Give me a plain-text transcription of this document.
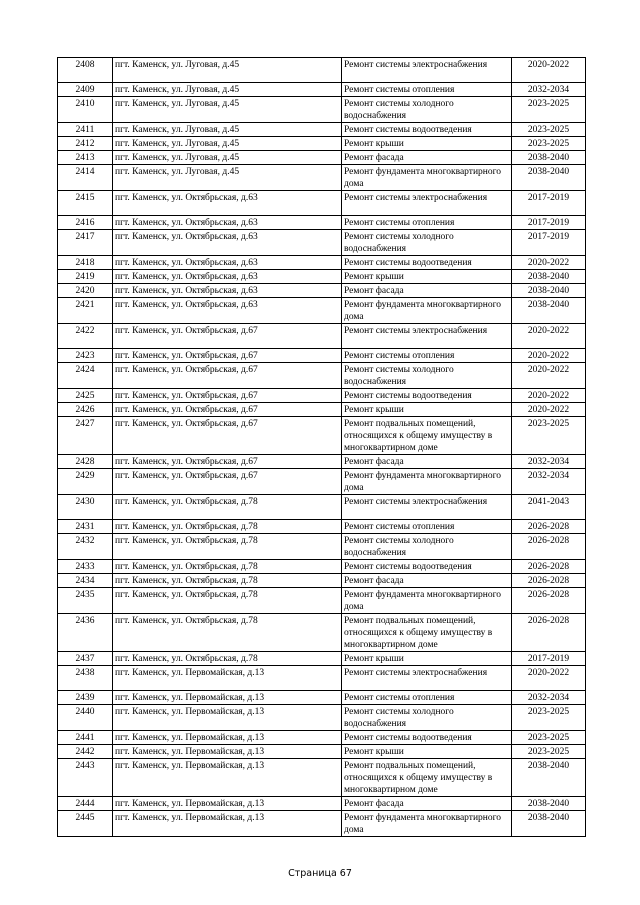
2408	пгт. Каменск, ул. Луговая, д.45	Ремонт системы электроснабжения	2020-2022
2409	пгт. Каменск, ул. Луговая, д.45	Ремонт системы отопления	2032-2034
2410	пгт. Каменск, ул. Луговая, д.45	Ремонт системы холодного водоснабжения	2023-2025
2411	пгт. Каменск, ул. Луговая, д.45	Ремонт системы водоотведения	2023-2025
2412	пгт. Каменск, ул. Луговая, д.45	Ремонт крыши	2023-2025
2413	пгт. Каменск, ул. Луговая, д.45	Ремонт фасада	2038-2040
2414	пгт. Каменск, ул. Луговая, д.45	Ремонт фундамента многоквартирного дома	2038-2040
2415	пгт. Каменск, ул. Октябрьская, д.63	Ремонт системы электроснабжения	2017-2019
2416	пгт. Каменск, ул. Октябрьская, д.63	Ремонт системы отопления	2017-2019
2417	пгт. Каменск, ул. Октябрьская, д.63	Ремонт системы холодного водоснабжения	2017-2019
2418	пгт. Каменск, ул. Октябрьская, д.63	Ремонт системы водоотведения	2020-2022
2419	пгт. Каменск, ул. Октябрьская, д.63	Ремонт крыши	2038-2040
2420	пгт. Каменск, ул. Октябрьская, д.63	Ремонт фасада	2038-2040
2421	пгт. Каменск, ул. Октябрьская, д.63	Ремонт фундамента многоквартирного дома	2038-2040
2422	пгт. Каменск, ул. Октябрьская, д.67	Ремонт системы электроснабжения	2020-2022
2423	пгт. Каменск, ул. Октябрьская, д.67	Ремонт системы отопления	2020-2022
2424	пгт. Каменск, ул. Октябрьская, д.67	Ремонт системы холодного водоснабжения	2020-2022
2425	пгт. Каменск, ул. Октябрьская, д.67	Ремонт системы водоотведения	2020-2022
2426	пгт. Каменск, ул. Октябрьская, д.67	Ремонт крыши	2020-2022
2427	пгт. Каменск, ул. Октябрьская, д.67	Ремонт подвальных помещений, относящихся к общему имуществу в многоквартирном доме	2023-2025
2428	пгт. Каменск, ул. Октябрьская, д.67	Ремонт фасада	2032-2034
2429	пгт. Каменск, ул. Октябрьская, д.67	Ремонт фундамента многоквартирного дома	2032-2034
2430	пгт. Каменск, ул. Октябрьская, д.78	Ремонт системы электроснабжения	2041-2043
2431	пгт. Каменск, ул. Октябрьская, д.78	Ремонт системы отопления	2026-2028
2432	пгт. Каменск, ул. Октябрьская, д.78	Ремонт системы холодного водоснабжения	2026-2028
2433	пгт. Каменск, ул. Октябрьская, д.78	Ремонт системы водоотведения	2026-2028
2434	пгт. Каменск, ул. Октябрьская, д.78	Ремонт фасада	2026-2028
2435	пгт. Каменск, ул. Октябрьская, д.78	Ремонт фундамента многоквартирного дома	2026-2028
2436	пгт. Каменск, ул. Октябрьская, д.78	Ремонт подвальных помещений, относящихся к общему имуществу в многоквартирном доме	2026-2028
2437	пгт. Каменск, ул. Октябрьская, д.78	Ремонт крыши	2017-2019
2438	пгт. Каменск, ул. Первомайская, д.13	Ремонт системы электроснабжения	2020-2022
2439	пгт. Каменск, ул. Первомайская, д.13	Ремонт системы отопления	2032-2034
2440	пгт. Каменск, ул. Первомайская, д.13	Ремонт системы холодного водоснабжения	2023-2025
2441	пгт. Каменск, ул. Первомайская, д.13	Ремонт системы водоотведения	2023-2025
2442	пгт. Каменск, ул. Первомайская, д.13	Ремонт крыши	2023-2025
2443	пгт. Каменск, ул. Первомайская, д.13	Ремонт подвальных помещений, относящихся к общему имуществу в многоквартирном доме	2038-2040
2444	пгт. Каменск, ул. Первомайская, д.13	Ремонт фасада	2038-2040
2445	пгт. Каменск, ул. Первомайская, д.13	Ремонт фундамента многоквартирного дома	2038-2040
Страница 67
